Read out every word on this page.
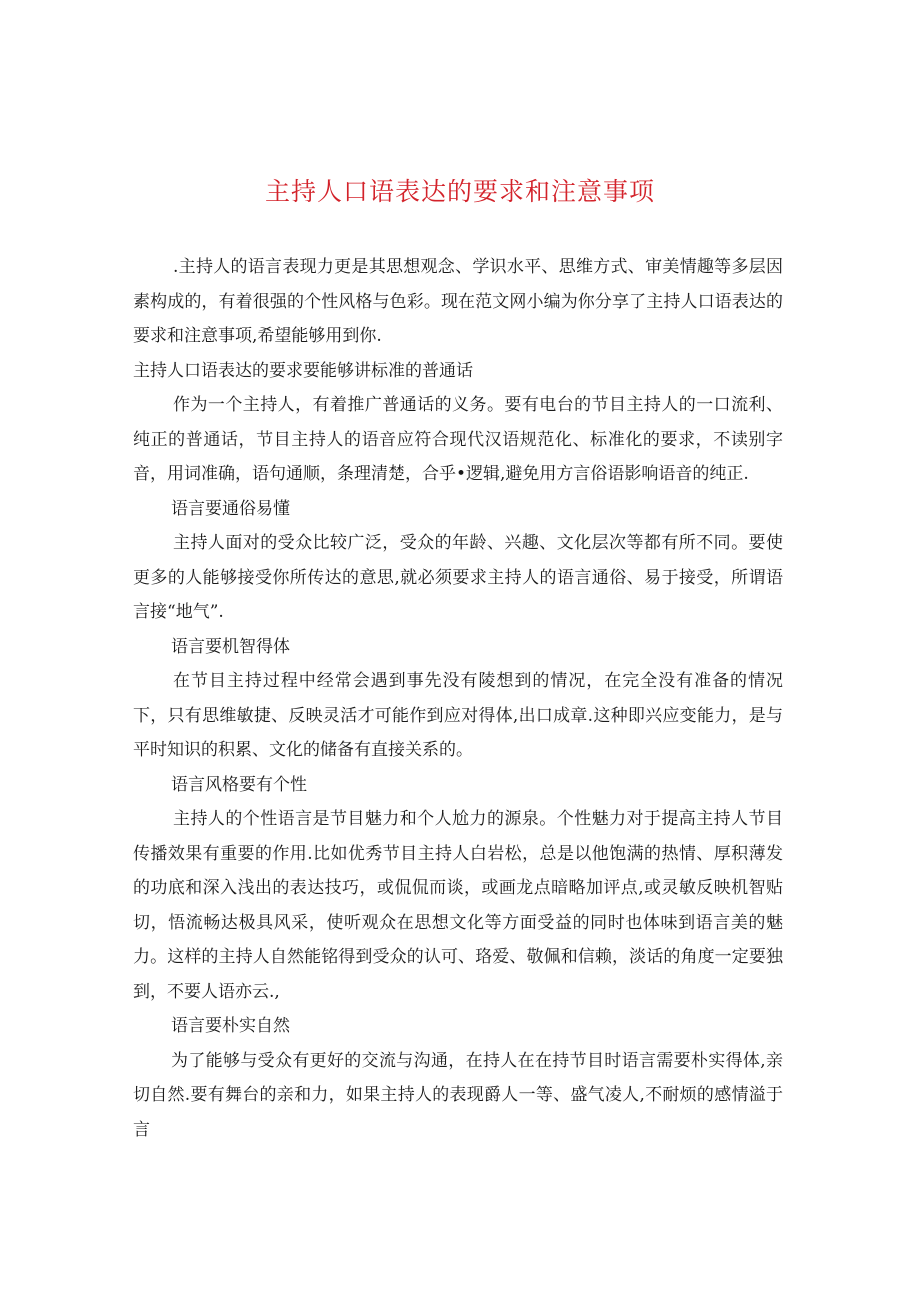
主持人口语表达的要求和注意事项

.主持人的语言表现力更是其思想观念、学识水平、思维方式、审美情趣等多层因素构成的，有着很强的个性风格与色彩。现在范文网小编为你分享了主持人口语表达的要求和注意事项,希望能够用到你.

主持人口语表达的要求要能够讲标准的普通话

作为一个主持人，有着推广普通话的义务。要有电台的节目主持人的一口流利、纯正的普通话，节目主持人的语音应符合现代汉语规范化、标准化的要求，不读别字音，用词准确，语句通顺，条理清楚，合乎•逻辑,避免用方言俗语影响语音的纯正.

语言要通俗易懂

主持人面对的受众比较广泛，受众的年龄、兴趣、文化层次等都有所不同。要使更多的人能够接受你所传达的意思,就必须要求主持人的语言通俗、易于接受，所谓语言接“地气”.

语言要机智得体

在节目主持过程中经常会遇到事先没有陵想到的情况，在完全没有准备的情况下，只有思维敏捷、反映灵活才可能作到应对得体,出口成章.这种即兴应变能力，是与平时知识的积累、文化的储备有直接关系的。

语言风格要有个性

主持人的个性语言是节目魅力和个人尬力的源泉。个性魅力对于提高主持人节目传播效果有重要的作用.比如优秀节目主持人白岩松，总是以他饱满的热情、厚积薄发的功底和深入浅出的表达技巧，或侃侃而谈，或画龙点暗略加评点,或灵敏反映机智贴切，悟流畅达极具风采，使听观众在思想文化等方面受益的同时也体味到语言美的魅力。这样的主持人自然能铭得到受众的认可、珞爱、敬佩和信赖，淡话的角度一定要独到，不要人语亦云.,

语言要朴实自然

为了能够与受众有更好的交流与沟通，在持人在在持节目时语言需要朴实得体,亲切自然.要有舞台的亲和力，如果主持人的表现爵人一等、盛气凌人,不耐烦的感情溢于言
